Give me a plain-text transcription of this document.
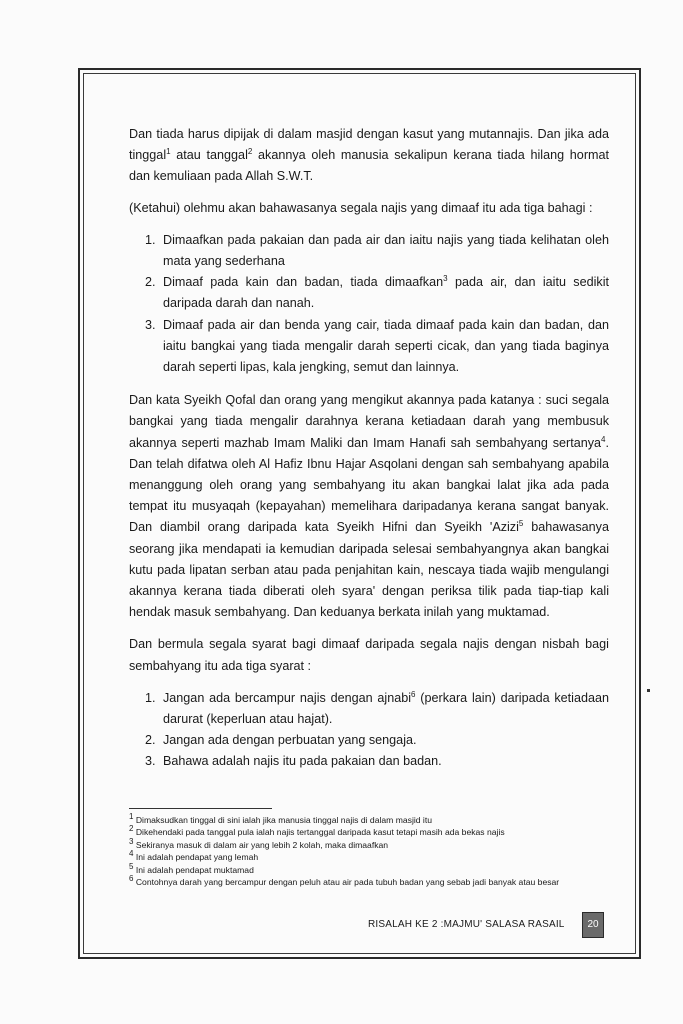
Dan tiada harus dipijak di dalam masjid dengan kasut yang mutannajis. Dan jika ada tinggal$^1$ atau tanggal$^2$ akannya oleh manusia sekalipun kerana tiada hilang hormat dan kemuliaan pada Allah S.W.T.

(Ketahui) olehmu akan bahawasanya segala najis yang dimaaf itu ada tiga bahagi :

1. Dimaafkan pada pakaian dan pada air dan iaitu najis yang tiada kelihatan oleh mata yang sederhana
2. Dimaaf pada kain dan badan, tiada dimaafkan$^3$ pada air, dan iaitu sedikit daripada darah dan nanah.
3. Dimaaf pada air dan benda yang cair, tiada dimaaf pada kain dan badan, dan iaitu bangkai yang tiada mengalir darah seperti cicak, dan yang tiada baginya darah seperti lipas, kala jengking, semut dan lainnya.

Dan kata Syeikh Qofal dan orang yang mengikut akannya pada katanya : suci segala bangkai yang tiada mengalir darahnya kerana ketiadaan darah yang membusuk akannya seperti mazhab Imam Maliki dan Imam Hanafi sah sembahyang sertanya$^4$. Dan telah difatwa oleh Al Hafiz Ibnu Hajar Asqolani dengan sah sembahyang apabila menanggung oleh orang yang sembahyang itu akan bangkai lalat jika ada pada tempat itu musyaqah (kepayahan) memelihara daripadanya kerana sangat banyak. Dan diambil orang daripada kata Syeikh Hifni dan Syeikh 'Azizi$^5$ bahawasanya seorang jika mendapati ia kemudian daripada selesai sembahyangnya akan bangkai kutu pada lipatan serban atau pada penjahitan kain, nescaya tiada wajib mengulangi akannya kerana tiada diberati oleh syara' dengan periksa tilik pada tiap-tiap kali hendak masuk sembahyang. Dan keduanya berkata inilah yang muktamad.

Dan bermula segala syarat bagi dimaaf daripada segala najis dengan nisbah bagi sembahyang itu ada tiga syarat :

1. Jangan ada bercampur najis dengan ajnabi$^6$ (perkara lain) daripada ketiadaan darurat (keperluan atau hajat).
2. Jangan ada dengan perbuatan yang sengaja.
3. Bahawa adalah najis itu pada pakaian dan badan.
$^1$ Dimaksudkan tinggal di sini ialah jika manusia tinggal najis di dalam masjid itu
$^2$ Dikehendaki pada tanggal pula ialah najis tertanggal daripada kasut tetapi masih ada bekas najis
$^3$ Sekiranya masuk di dalam air yang lebih 2 kolah, maka dimaafkan
$^4$ Ini adalah pendapat yang lemah
$^5$ Ini adalah pendapat muktamad
$^6$ Contohnya darah yang bercampur dengan peluh atau air pada tubuh badan yang sebab jadi banyak atau besar
RISALAH KE 2 :MAJMU' SALASA RASAIL	20
